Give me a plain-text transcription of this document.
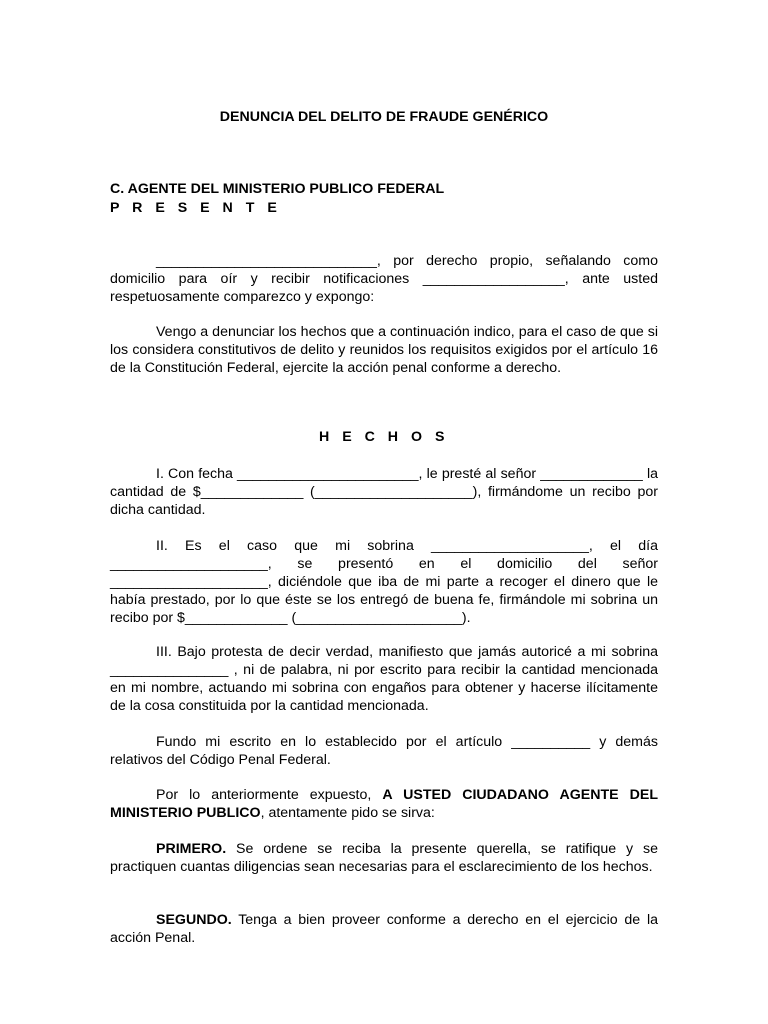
DENUNCIA DEL DELITO DE FRAUDE GENÉRICO
C. AGENTE DEL MINISTERIO PUBLICO FEDERAL
P R E S E N T E

____________________________, por derecho propio, señalando como domicilio para oír y recibir notificaciones __________________, ante usted respetuosamente comparezco y expongo:

Vengo a denunciar los hechos que a continuación indico, para el caso de que si los considera constitutivos de delito y reunidos los requisitos exigidos por el artículo 16 de la Constitución Federal, ejercite la acción penal conforme a derecho.

H E C H O S

I. Con fecha _______________________, le presté al señor _____________ la cantidad de $_____________ (____________________), firmándome un recibo por dicha cantidad.

II. Es el caso que mi sobrina ____________________, el día ____________________, se presentó en el domicilio del señor ____________________, diciéndole que iba de mi parte a recoger el dinero que le había prestado, por lo que éste se los entregó de buena fe, firmándole mi sobrina un recibo por $_____________ (_____________________).

III. Bajo protesta de decir verdad, manifiesto que jamás autoricé a mi sobrina _______________ , ni de palabra, ni por escrito para recibir la cantidad mencionada en mi nombre, actuando mi sobrina con engaños para obtener y hacerse ilícitamente de la cosa constituida por la cantidad mencionada.

Fundo mi escrito en lo establecido por el artículo __________ y demás relativos del Código Penal Federal.

Por lo anteriormente expuesto, A USTED CIUDADANO AGENTE DEL MINISTERIO PUBLICO, atentamente pido se sirva:

PRIMERO. Se ordene se reciba la presente querella, se ratifique y se practiquen cuantas diligencias sean necesarias para el esclarecimiento de los hechos.

SEGUNDO. Tenga a bien proveer conforme a derecho en el ejercicio de la acción Penal.
